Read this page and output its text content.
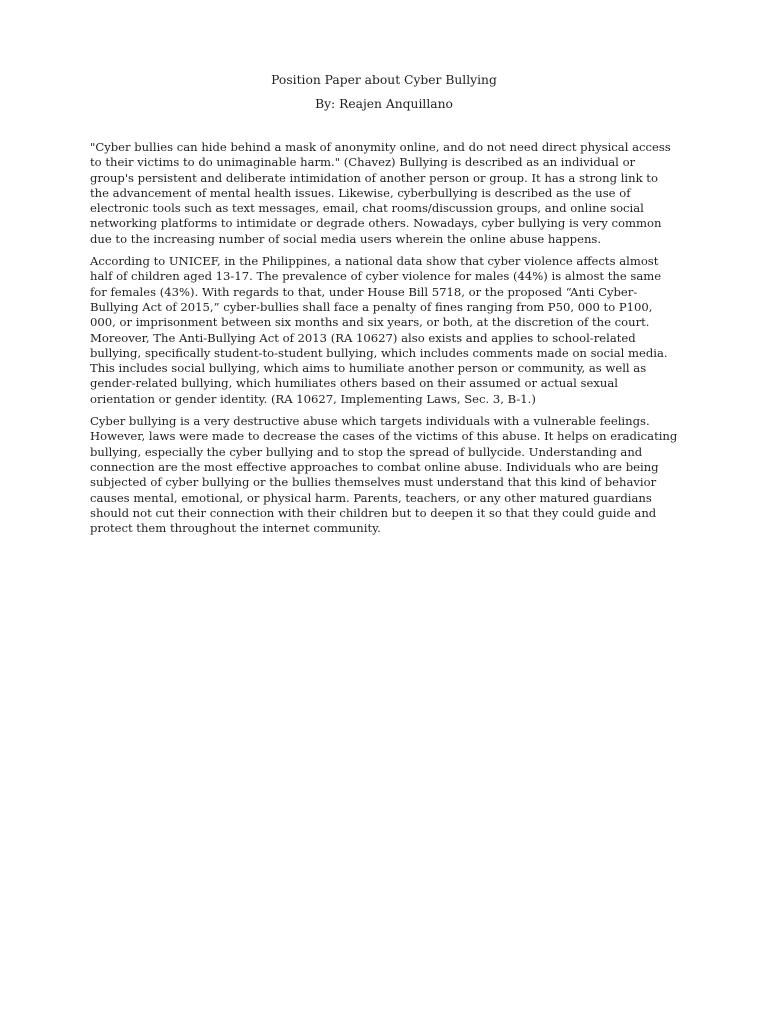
Position Paper about Cyber Bullying
By: Reajen Anquillano

"Cyber bullies can hide behind a mask of anonymity online, and do not need direct physical access to their victims to do unimaginable harm." (Chavez) Bullying is described as an individual or group's persistent and deliberate intimidation of another person or group. It has a strong link to the advancement of mental health issues. Likewise, cyberbullying is described as the use of electronic tools such as text messages, email, chat rooms/discussion groups, and online social networking platforms to intimidate or degrade others. Nowadays, cyber bullying is very common due to the increasing number of social media users wherein the online abuse happens.

According to UNICEF, in the Philippines, a national data show that cyber violence affects almost half of children aged 13-17. The prevalence of cyber violence for males (44%) is almost the same for females (43%). With regards to that, under House Bill 5718, or the proposed “Anti Cyber-Bullying Act of 2015,” cyber-bullies shall face a penalty of fines ranging from P50, 000 to P100, 000, or imprisonment between six months and six years, or both, at the discretion of the court. Moreover, The Anti-Bullying Act of 2013 (RA 10627) also exists and applies to school-related bullying, specifically student-to-student bullying, which includes comments made on social media. This includes social bullying, which aims to humiliate another person or community, as well as gender-related bullying, which humiliates others based on their assumed or actual sexual orientation or gender identity. (RA 10627, Implementing Laws, Sec. 3, B-1.)

Cyber bullying is a very destructive abuse which targets individuals with a vulnerable feelings. However, laws were made to decrease the cases of the victims of this abuse. It helps on eradicating bullying, especially the cyber bullying and to stop the spread of bullycide. Understanding and connection are the most effective approaches to combat online abuse. Individuals who are being subjected of cyber bullying or the bullies themselves must understand that this kind of behavior causes mental, emotional, or physical harm. Parents, teachers, or any other matured guardians should not cut their connection with their children but to deepen it so that they could guide and protect them throughout the internet community.
